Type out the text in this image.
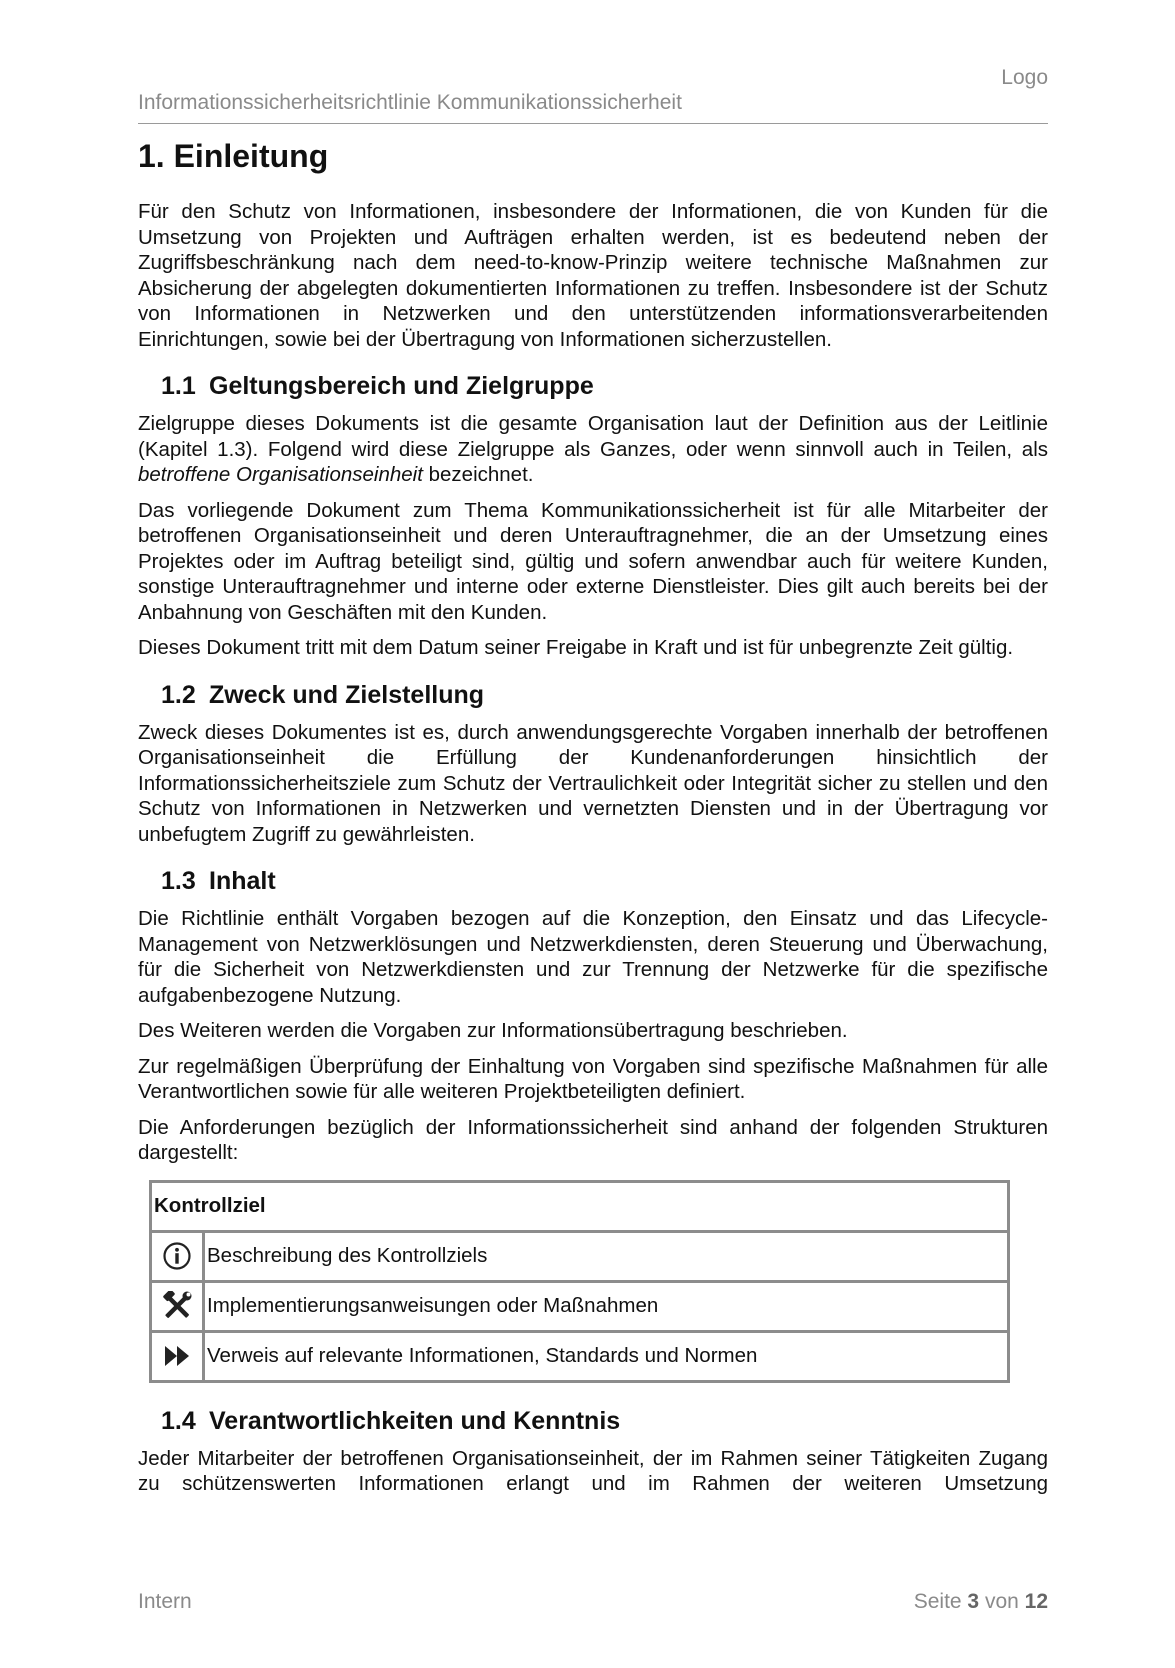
Logo
Informationssicherheitsrichtlinie Kommunikationssicherheit
1. Einleitung

Für den Schutz von Informationen, insbesondere der Informationen, die von Kunden für die Umsetzung von Projekten und Aufträgen erhalten werden, ist es bedeutend neben der Zugriffsbeschränkung nach dem need-to-know-Prinzip weitere technische Maßnahmen zur Absicherung der abgelegten dokumentierten Informationen zu treffen. Insbesondere ist der Schutz von Informationen in Netzwerken und den unterstützenden informationsverarbeitenden Einrichtungen, sowie bei der Übertragung von Informationen sicherzustellen.

1.1 Geltungsbereich und Zielgruppe

Zielgruppe dieses Dokuments ist die gesamte Organisation laut der Definition aus der Leitlinie (Kapitel 1.3). Folgend wird diese Zielgruppe als Ganzes, oder wenn sinnvoll auch in Teilen, als betroffene Organisationseinheit bezeichnet.

Das vorliegende Dokument zum Thema Kommunikationssicherheit ist für alle Mitarbeiter der betroffenen Organisationseinheit und deren Unterauftragnehmer, die an der Umsetzung eines Projektes oder im Auftrag beteiligt sind, gültig und sofern anwendbar auch für weitere Kunden, sonstige Unterauftragnehmer und interne oder externe Dienstleister. Dies gilt auch bereits bei der Anbahnung von Geschäften mit den Kunden.

Dieses Dokument tritt mit dem Datum seiner Freigabe in Kraft und ist für unbegrenzte Zeit gültig.

1.2 Zweck und Zielstellung

Zweck dieses Dokumentes ist es, durch anwendungsgerechte Vorgaben innerhalb der betroffenen Organisationseinheit die Erfüllung der Kundenanforderungen hinsichtlich der Informationssicherheitsziele zum Schutz der Vertraulichkeit oder Integrität sicher zu stellen und den Schutz von Informationen in Netzwerken und vernetzten Diensten und in der Übertragung vor unbefugtem Zugriff zu gewährleisten.

1.3 Inhalt

Die Richtlinie enthält Vorgaben bezogen auf die Konzeption, den Einsatz und das Lifecycle-Management von Netzwerklösungen und Netzwerkdiensten, deren Steuerung und Überwachung, für die Sicherheit von Netzwerkdiensten und zur Trennung der Netzwerke für die spezifische aufgabenbezogene Nutzung.

Des Weiteren werden die Vorgaben zur Informationsübertragung beschrieben.

Zur regelmäßigen Überprüfung der Einhaltung von Vorgaben sind spezifische Maßnahmen für alle Verantwortlichen sowie für alle weiteren Projektbeteiligten definiert.

Die Anforderungen bezüglich der Informationssicherheit sind anhand der folgenden Strukturen dargestellt:

Kontrollziel	

	Beschreibung des Kontrollziels

	Implementierungsanweisungen oder Maßnahmen

	Verweis auf relevante Informationen, Standards und Normen
1.4 Verantwortlichkeiten und Kenntnis

Jeder Mitarbeiter der betroffenen Organisationseinheit, der im Rahmen seiner Tätigkeiten Zugang zu schützenswerten Informationen erlangt und im Rahmen der weiteren Umsetzung

Intern	Seite 3 von 12
